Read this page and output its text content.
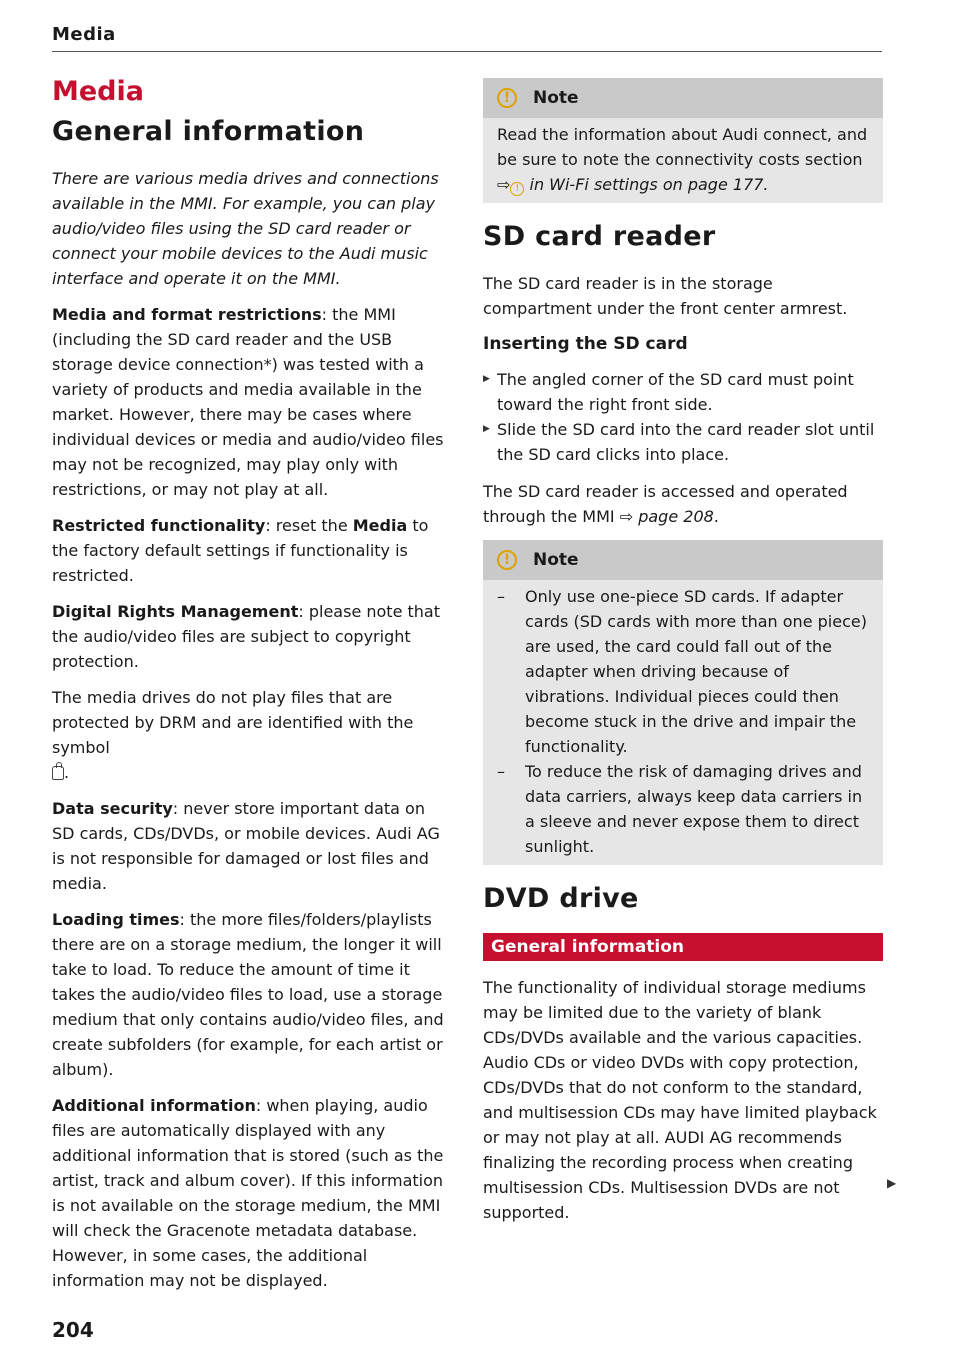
Media
Media
General information

There are various media drives and connections available in the MMI. For example, you can play audio/video files using the SD card reader or connect your mobile devices to the Audi music interface and operate it on the MMI.

Media and format restrictions: the MMI (including the SD card reader and the USB storage device connection*) was tested with a variety of products and media available in the market. However, there may be cases where individual devices or media and audio/video files may not be recognized, may play only with restrictions, or may not play at all.

Restricted functionality: reset the Media to the factory default settings if functionality is restricted.

Digital Rights Management: please note that the audio/video files are subject to copyright protection.

The media drives do not play files that are protected by DRM and are identified with the symbol
.

Data security: never store important data on SD cards, CDs/DVDs, or mobile devices. Audi AG is not responsible for damaged or lost files and media.

Loading times: the more files/folders/playlists there are on a storage medium, the longer it will take to load. To reduce the amount of time it takes the audio/video files to load, use a storage medium that only contains audio/video files, and create subfolders (for example, for each artist or album).

Additional information: when playing, audio files are automatically displayed with any additional information that is stored (such as the artist, track and album cover). If this information is not available on the storage medium, the MMI will check the Gracenote metadata database. However, in some cases, the additional information may not be displayed.

!	Note
Read the information about Audi connect, and
be sure to note the connectivity costs section
⇨ ! in Wi-Fi settings on page 177.
SD card reader

The SD card reader is in the storage compartment under the front center armrest.

Inserting the SD card
▶ The angled corner of the SD card must point toward the right front side.
▶ Slide the SD card into the card reader slot until the SD card clicks into place.

The SD card reader is accessed and operated through the MMI ⇨ page 208.

!	Note
– Only use one-piece SD cards. If adapter cards (SD cards with more than one piece) are used, the card could fall out of the adapter when driving because of vibrations. Individual pieces could then become stuck in the drive and impair the functionality.
– To reduce the risk of damaging drives and data carriers, always keep data carriers in a sleeve and never expose them to direct sunlight.
DVD drive
General information

The functionality of individual storage mediums may be limited due to the variety of blank CDs/DVDs available and the various capacities. Audio CDs or video DVDs with copy protection, CDs/DVDs that do not conform to the standard, and multisession CDs may have limited playback or may not play at all. AUDI AG recommends finalizing the recording process when creating multisession CDs. Multisession DVDs are not supported.

▶
204
